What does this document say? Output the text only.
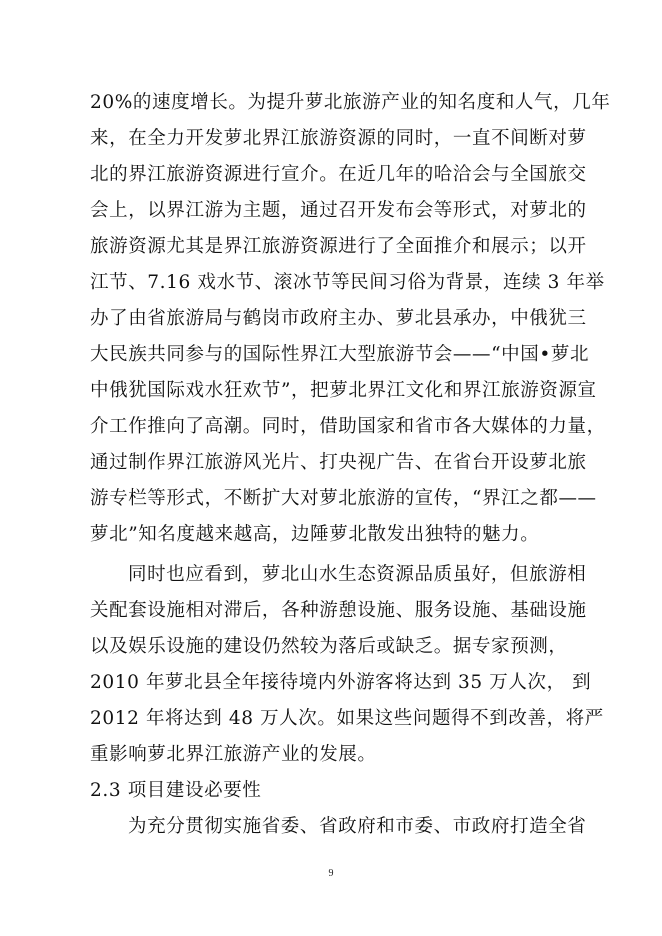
20%的速度增长。为提升萝北旅游产业的知名度和人气，几年
来，在全力开发萝北界江旅游资源的同时，一直不间断对萝
北的界江旅游资源进行宣介。在近几年的哈洽会与全国旅交
会上，以界江游为主题，通过召开发布会等形式，对萝北的
旅游资源尤其是界江旅游资源进行了全面推介和展示；以开
江节、7.16 戏水节、滚冰节等民间习俗为背景，连续 3 年举
办了由省旅游局与鹤岗市政府主办、萝北县承办，中俄犹三
大民族共同参与的国际性界江大型旅游节会——“中国•萝北
中俄犹国际戏水狂欢节”，把萝北界江文化和界江旅游资源宣
介工作推向了高潮。同时，借助国家和省市各大媒体的力量，
通过制作界江旅游风光片、打央视广告、在省台开设萝北旅
游专栏等形式，不断扩大对萝北旅游的宣传，“界江之都——
萝北”知名度越来越高，边陲萝北散发出独特的魅力。
同时也应看到，萝北山水生态资源品质虽好，但旅游相
关配套设施相对滞后，各种游憩设施、服务设施、基础设施
以及娱乐设施的建设仍然较为落后或缺乏。据专家预测，
2010 年萝北县全年接待境内外游客将达到 35 万人次， 到
2012 年将达到 48 万人次。如果这些问题得不到改善，将严
重影响萝北界江旅游产业的发展。
2.3 项目建设必要性
为充分贯彻实施省委、省政府和市委、市政府打造全省
9
